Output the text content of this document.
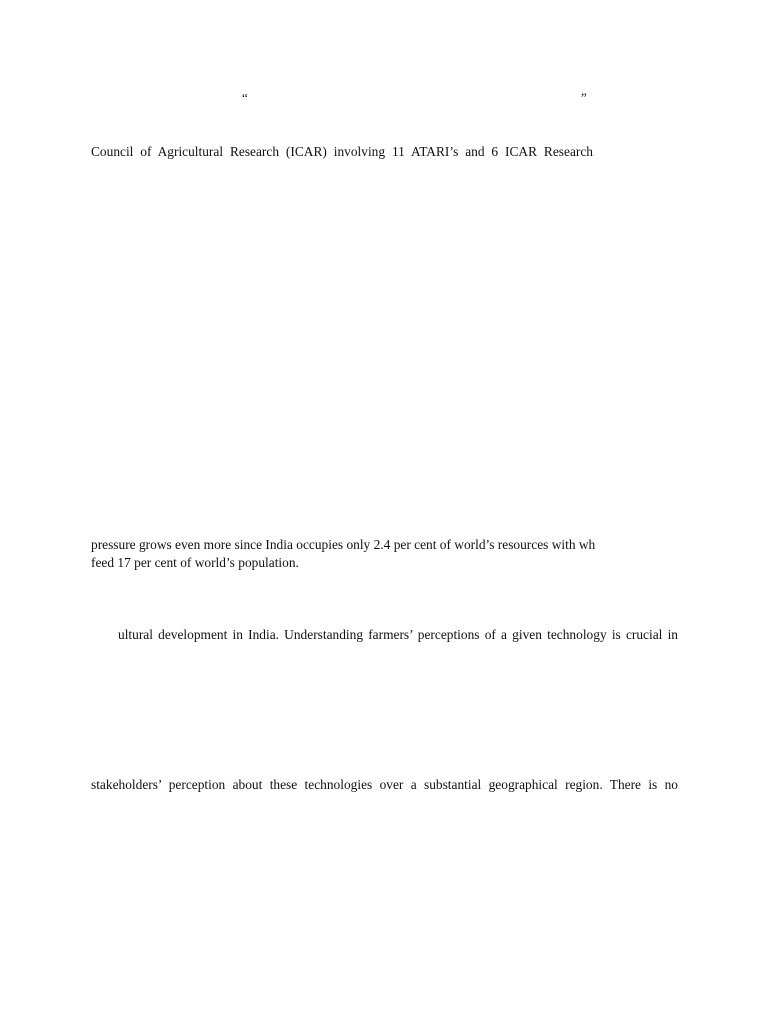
“	”
Council of Agricultural Research (ICAR) involving 11 ATARI’s and 6 ICAR Research
pressure grows even more since India occupies only 2.4 per cent of world’s resources with wh
feed 17 per cent of world’s population.
ultural development in India. Understanding farmers’ perceptions of a given technology is crucial in
stakeholders’ perception about these technologies over a substantial geographical region. There is no
